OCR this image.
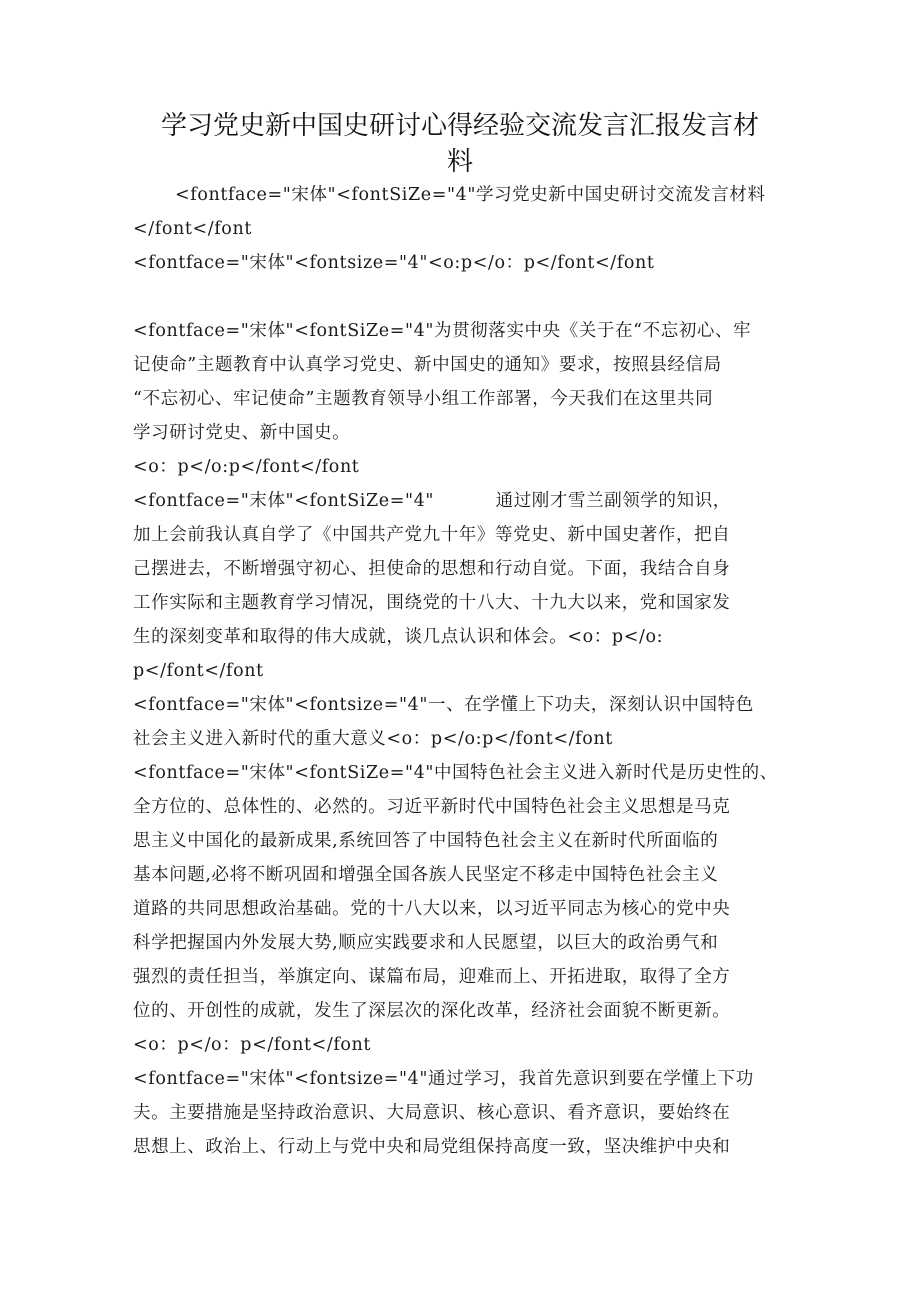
学习党史新中国史研讨心得经验交流发言汇报发言材料
<fontface="宋体"<fontSiZe="4"学习党史新中国史研讨交流发言材料
</font</font
<fontface="宋体"<fontsize="4"<o:p</o：p</font</font
<fontface="宋体"<fontSiZe="4"为贯彻落实中央《关于在“不忘初心、牢
记使命”主题教育中认真学习党史、新中国史的通知》要求，按照县经信局
“不忘初心、牢记使命”主题教育领导小组工作部署，今天我们在这里共同
学习研讨党史、新中国史。
<o：p</o:p</font</font
<fontface="末体"<fontSiZe="4"          通过刚才雪兰副领学的知识，
加上会前我认真自学了《中国共产党九十年》等党史、新中国史著作，把自
己摆进去，不断增强守初心、担使命的思想和行动自觉。下面，我结合自身
工作实际和主题教育学习情况，围绕党的十八大、十九大以来，党和国家发
生的深刻变革和取得的伟大成就，谈几点认识和体会。<o：p</o:
p</font</font
<fontface="宋体"<fontsize="4"一、在学懂上下功夫，深刻认识中国特色
社会主义进入新时代的重大意义<o：p</o:p</font</font
<fontface="宋体"<fontSiZe="4"中国特色社会主义进入新时代是历史性的、
全方位的、总体性的、必然的。习近平新时代中国特色社会主义思想是马克
思主义中国化的最新成果,系统回答了中国特色社会主义在新时代所面临的
基本问题,必将不断巩固和增强全国各族人民坚定不移走中国特色社会主义
道路的共同思想政治基础。党的十八大以来，以习近平同志为核心的党中央
科学把握国内外发展大势,顺应实践要求和人民愿望，以巨大的政治勇气和
强烈的责任担当，举旗定向、谋篇布局，迎难而上、开拓进取，取得了全方
位的、开创性的成就，发生了深层次的深化改革，经济社会面貌不断更新。
<o：p</o：p</font</font
<fontface="宋体"<fontsize="4"通过学习，我首先意识到要在学懂上下功
夫。主要措施是坚持政治意识、大局意识、核心意识、看齐意识，要始终在
思想上、政治上、行动上与党中央和局党组保持高度一致，坚决维护中央和
